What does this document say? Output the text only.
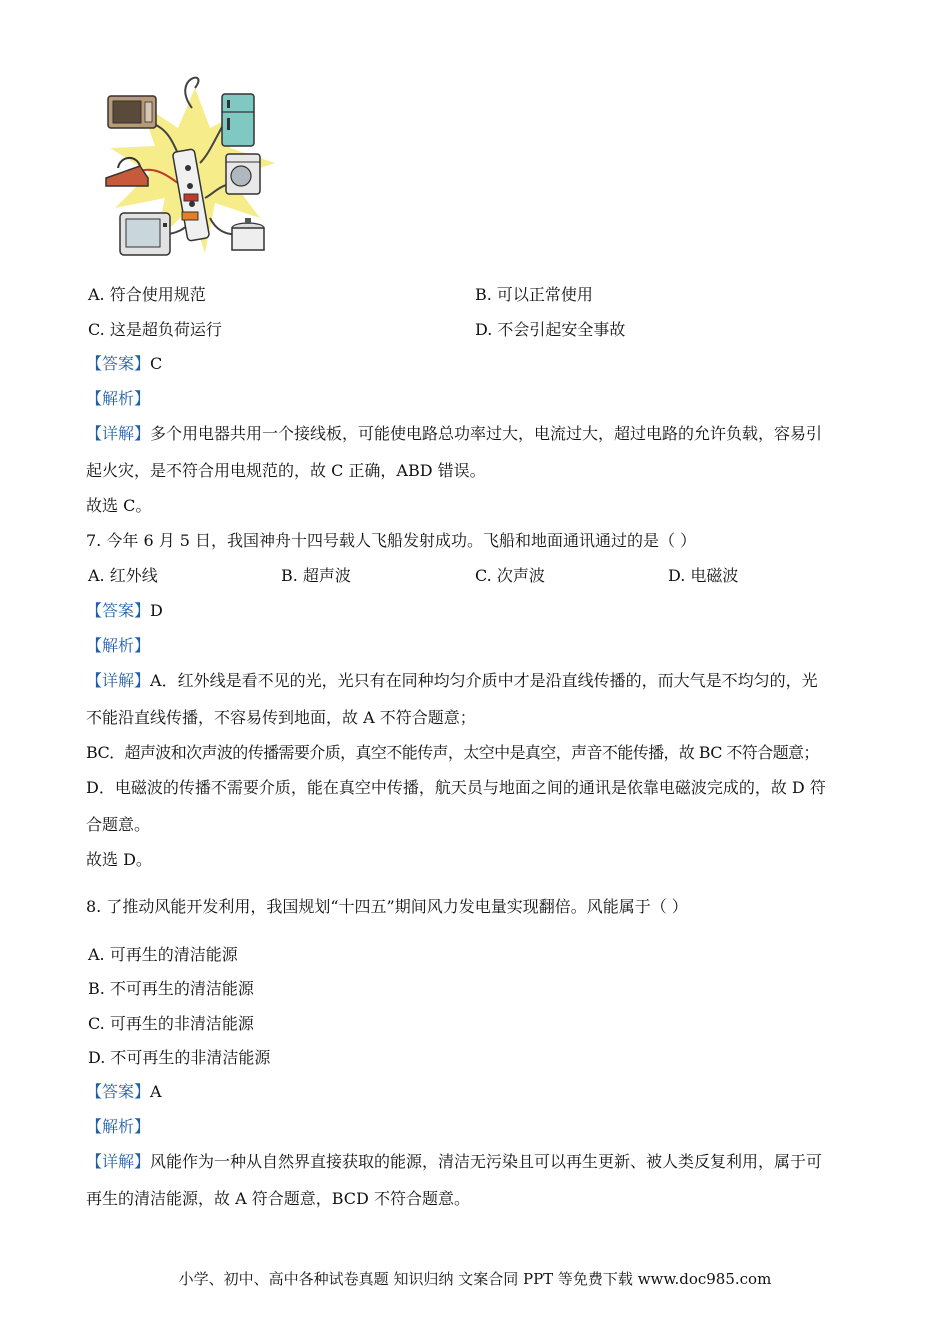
A. 符合使用规范	B. 可以正常使用
C. 这是超负荷运行	D. 不会引起安全事故
【答案】C
【解析】
【详解】多个用电器共用一个接线板，可能使电路总功率过大，电流过大，超过电路的允许负载，容易引
起火灾，是不符合用电规范的，故 C 正确，ABD 错误。
故选 C。
7. 今年 6 月 5 日，我国神舟十四号载人飞船发射成功。飞船和地面通讯通过的是（ ）
A. 红外线	B. 超声波	C. 次声波	D. 电磁波
【答案】D
【解析】
【详解】A．红外线是看不见的光，光只有在同种均匀介质中才是沿直线传播的，而大气是不均匀的，光
不能沿直线传播，不容易传到地面，故 A 不符合题意；
BC．超声波和次声波的传播需要介质，真空不能传声，太空中是真空，声音不能传播，故 BC 不符合题意；
D．电磁波的传播不需要介质，能在真空中传播，航天员与地面之间的通讯是依靠电磁波完成的，故 D 符
合题意。
故选 D。
8. 了推动风能开发利用，我国规划“十四五”期间风力发电量实现翻倍。风能属于（ ）
A. 可再生的清洁能源
B. 不可再生的清洁能源
C. 可再生的非清洁能源
D. 不可再生的非清洁能源
【答案】A
【解析】
【详解】风能作为一种从自然界直接获取的能源，清洁无污染且可以再生更新、被人类反复利用，属于可
再生的清洁能源，故 A 符合题意，BCD 不符合题意。
小学、初中、高中各种试卷真题 知识归纳 文案合同 PPT 等免费下载 www.doc985.com
